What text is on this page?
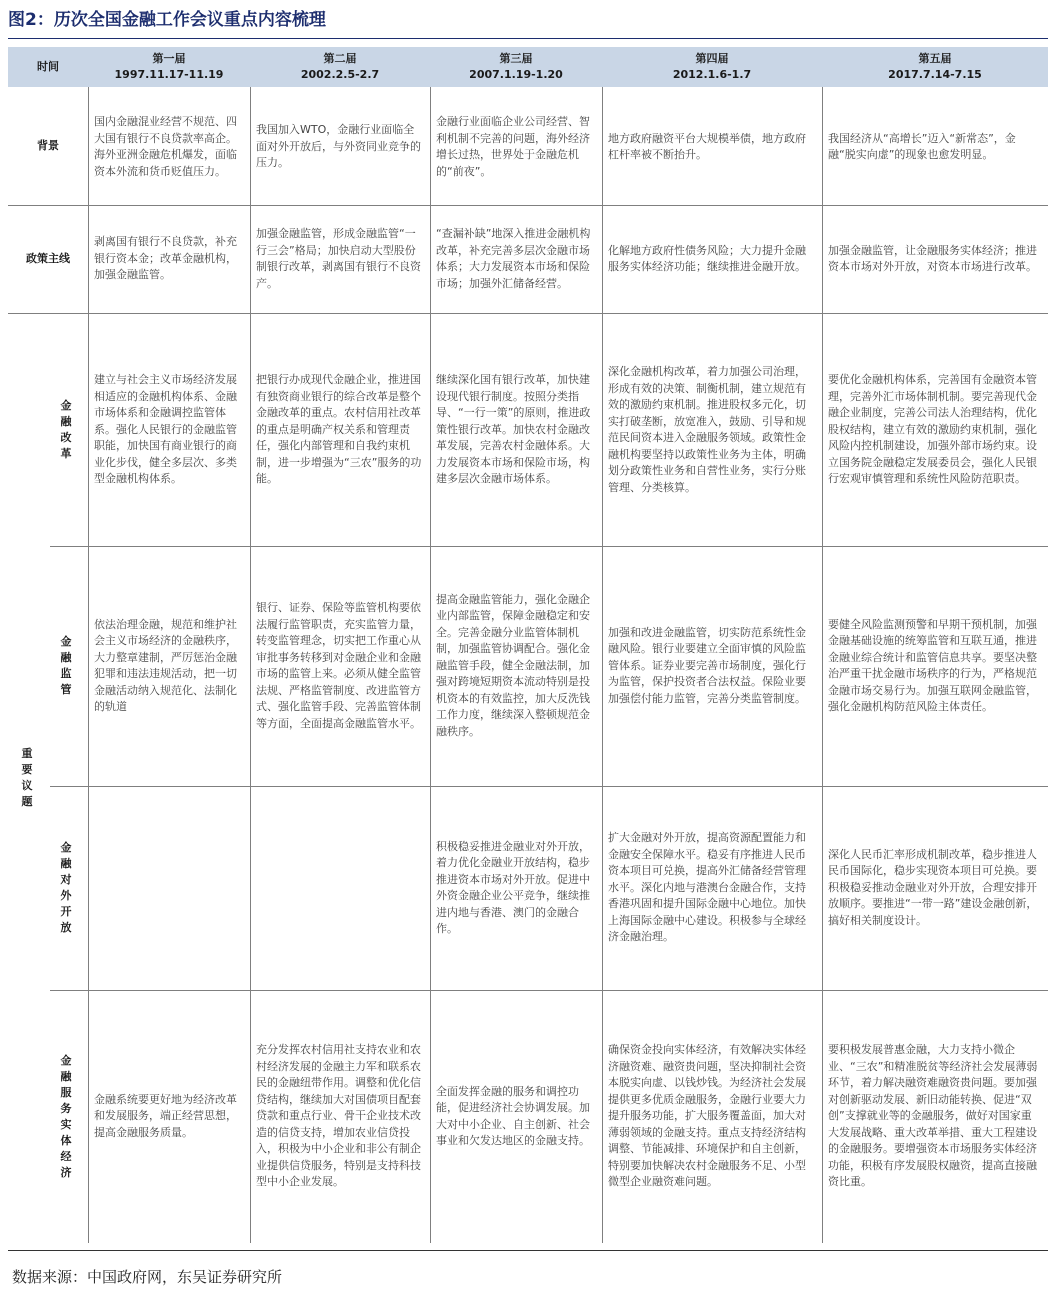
图2：历次全国金融工作会议重点内容梳理
时间
第一届
1997.11.17-11.19
第二届
2002.2.5-2.7
第三届
2007.1.19-1.20
第四届
2012.1.6-1.7
第五届
2017.7.14-7.15
背景

国内金融混业经营不规范、四大国有银行不良贷款率高企。海外亚洲金融危机爆发，面临资本外流和货币贬值压力。

我国加入WTO，金融行业面临全面对外开放后，与外资同业竞争的压力。

金融行业面临企业公司经营、智利机制不完善的问题，海外经济增长过热，世界处于金融危机的“前夜”。

地方政府融资平台大规模举债，地方政府杠杆率被不断抬升。

我国经济从“高增长”迈入“新常态”，金融“脱实向虚”的现象也愈发明显。

政策主线

剥离国有银行不良贷款，补充银行资本金；改革金融机构，加强金融监管。

加强金融监管，形成金融监管“一行三会”格局；加快启动大型股份制银行改革，剥离国有银行不良资产。

“查漏补缺”地深入推进金融机构改革，补充完善多层次金融市场体系；大力发展资本市场和保险市场；加强外汇储备经营。

化解地方政府性债务风险；大力提升金融服务实体经济功能；继续推进金融开放。

加强金融监管，让金融服务实体经济；推进资本市场对外开放，对资本市场进行改革。

重要议题
金融改革

建立与社会主义市场经济发展相适应的金融机构体系、金融市场体系和金融调控监管体系。强化人民银行的金融监管职能，加快国有商业银行的商业化步伐，健全多层次、多类型金融机构体系。

把银行办成现代金融企业，推进国有独资商业银行的综合改革是整个金融改革的重点。农村信用社改革的重点是明确产权关系和管理责任，强化内部管理和自我约束机制，进一步增强为“三农”服务的功能。

继续深化国有银行改革，加快建设现代银行制度。按照分类指导、“一行一策”的原则，推进政策性银行改革。加快农村金融改革发展，完善农村金融体系。大力发展资本市场和保险市场，构建多层次金融市场体系。

深化金融机构改革，着力加强公司治理，形成有效的决策、制衡机制，建立规范有效的激励约束机制。推进股权多元化，切实打破垄断，放宽准入，鼓励、引导和规范民间资本进入金融服务领域。政策性金融机构要坚持以政策性业务为主体，明确划分政策性业务和自营性业务，实行分账管理、分类核算。

要优化金融机构体系，完善国有金融资本管理，完善外汇市场体制机制。要完善现代金融企业制度，完善公司法人治理结构，优化股权结构，建立有效的激励约束机制，强化风险内控机制建设，加强外部市场约束。设立国务院金融稳定发展委员会，强化人民银行宏观审慎管理和系统性风险防范职责。

金融监管

依法治理金融，规范和维护社会主义市场经济的金融秩序，大力整章建制，严厉惩治金融犯罪和违法违规活动，把一切金融活动纳入规范化、法制化的轨道

银行、证券、保险等监管机构要依法履行监管职责，充实监管力量，转变监管理念，切实把工作重心从审批事务转移到对金融企业和金融市场的监管上来。必须从健全监管法规、严格监管制度、改进监管方式、强化监管手段、完善监管体制等方面，全面提高金融监管水平。

提高金融监管能力，强化金融企业内部监管，保障金融稳定和安全。完善金融分业监管体制机制，加强监管协调配合。强化金融监管手段，健全金融法制，加强对跨境短期资本流动特别是投机资本的有效监控，加大反洗钱工作力度，继续深入整顿规范金融秩序。

加强和改进金融监管，切实防范系统性金融风险。银行业要建立全面审慎的风险监管体系。证券业要完善市场制度，强化行为监管，保护投资者合法权益。保险业要加强偿付能力监管，完善分类监管制度。

要健全风险监测预警和早期干预机制，加强金融基础设施的统筹监管和互联互通，推进金融业综合统计和监管信息共享。要坚决整治严重干扰金融市场秩序的行为，严格规范金融市场交易行为。加强互联网金融监管，强化金融机构防范风险主体责任。

金融对外开放

积极稳妥推进金融业对外开放，着力优化金融业开放结构，稳步推进资本市场对外开放。促进中外资金融企业公平竞争，继续推进内地与香港、澳门的金融合作。

扩大金融对外开放，提高资源配置能力和金融安全保障水平。稳妥有序推进人民币资本项目可兑换，提高外汇储备经营管理水平。深化内地与港澳台金融合作，支持香港巩固和提升国际金融中心地位。加快上海国际金融中心建设。积极参与全球经济金融治理。

深化人民币汇率形成机制改革，稳步推进人民币国际化，稳步实现资本项目可兑换。要积极稳妥推动金融业对外开放，合理安排开放顺序。要推进“一带一路”建设金融创新，搞好相关制度设计。

金融服务实体经济

金融系统要更好地为经济改革和发展服务，端正经营思想，提高金融服务质量。

充分发挥农村信用社支持农业和农村经济发展的金融主力军和联系农民的金融纽带作用。调整和优化信贷结构，继续加大对国债项目配套贷款和重点行业、骨干企业技术改造的信贷支持，增加农业信贷投入，积极为中小企业和非公有制企业提供信贷服务，特别是支持科技型中小企业发展。

全面发挥金融的服务和调控功能，促进经济社会协调发展。加大对中小企业、自主创新、社会事业和欠发达地区的金融支持。

确保资金投向实体经济，有效解决实体经济融资难、融资贵问题，坚决抑制社会资本脱实向虚、以钱炒钱。为经济社会发展提供更多优质金融服务，金融行业要大力提升服务功能，扩大服务覆盖面，加大对薄弱领域的金融支持。重点支持经济结构调整、节能减排、环境保护和自主创新，特别要加快解决农村金融服务不足、小型微型企业融资难问题。

要积极发展普惠金融，大力支持小微企业、“三农”和精准脱贫等经济社会发展薄弱环节，着力解决融资难融资贵问题。要加强对创新驱动发展、新旧动能转换、促进“双创”支撑就业等的金融服务，做好对国家重大发展战略、重大改革举措、重大工程建设的金融服务。要增强资本市场服务实体经济功能，积极有序发展股权融资，提高直接融资比重。

数据来源：中国政府网，东吴证券研究所
